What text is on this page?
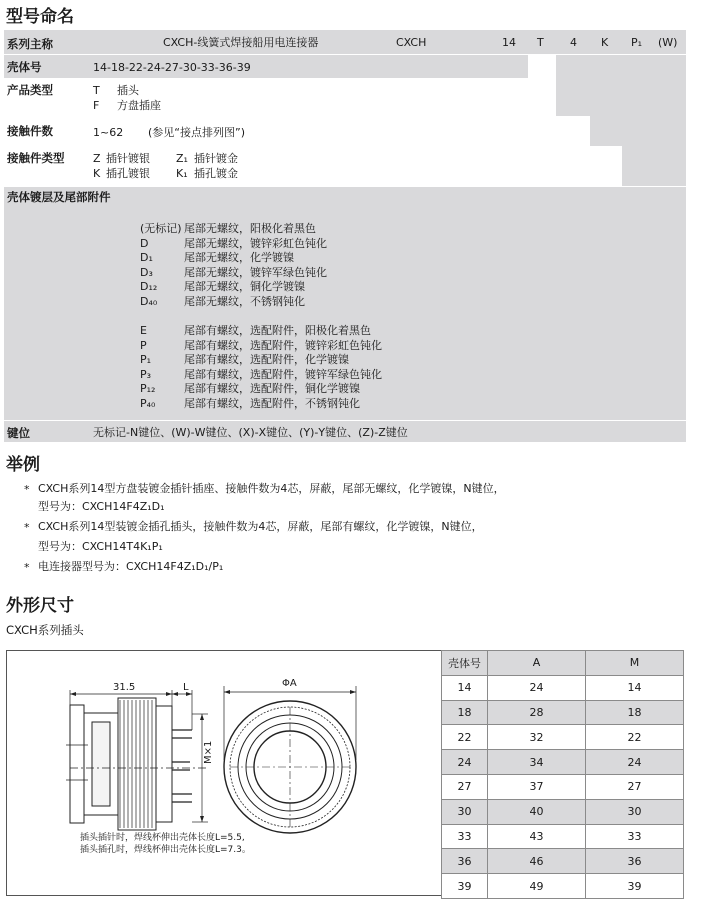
型号命名
系列主称	CXCH-线簧式焊接船用电连接器	CXCH	14 T 4 K P₁ (W)
壳体号	14-18-22-24-27-30-33-36-39
产品类型	T 插头
F 方盘插座
接触件数	1~62 (参见“接点排列图”)
接触件类型	Z 插针镀银 Z₁ 插针镀金
K 插孔镀银 K₁ 插孔镀金
壳体镀层及尾部附件
(无标记) 尾部无螺纹，阳极化着黑色
D	尾部无螺纹，镀锌彩虹色钝化
D₁	尾部无螺纹，化学镀镍
D₃	尾部无螺纹，镀锌军绿色钝化
D₁₂ 尾部无螺纹，铜化学镀镍
D₄₀ 尾部无螺纹，不锈钢钝化
E	尾部有螺纹，选配附件，阳极化着黑色
P	尾部有螺纹，选配附件，镀锌彩虹色钝化
P₁	尾部有螺纹，选配附件，化学镀镍
P₃	尾部有螺纹，选配附件，镀锌军绿色钝化
P₁₂	尾部有螺纹，选配附件，铜化学镀镍
P₄₀	尾部有螺纹，选配附件，不锈钢钝化
键位	无标记-N键位、(W)-W键位、(X)-X键位、(Y)-Y键位、(Z)-Z键位
举例
* CXCH系列14型方盘装镀金插针插座、接触件数为4芯，屏蔽，尾部无螺纹，化学镀镍，N键位，
型号为：CXCH14F4Z₁D₁
* CXCH系列14型装镀金插孔插头，接触件数为4芯，屏蔽，尾部有螺纹，化学镀镍，N键位，
型号为：CXCH14T4K₁P₁
* 电连接器型号为：CXCH14F4Z₁D₁/P₁
外形尺寸
CXCH系列插头
31.5	L	ΦA
M×1
插头插针时，焊线杯伸出壳体长度L=5.5,
插头插孔时，焊线杯伸出壳体长度L=7.3。
壳体号	A	M
14	24	14
18	28	18
22	32	22
24	34	24
27	37	27
30	40	30
33	43	33
36	46	36
39	49	39
